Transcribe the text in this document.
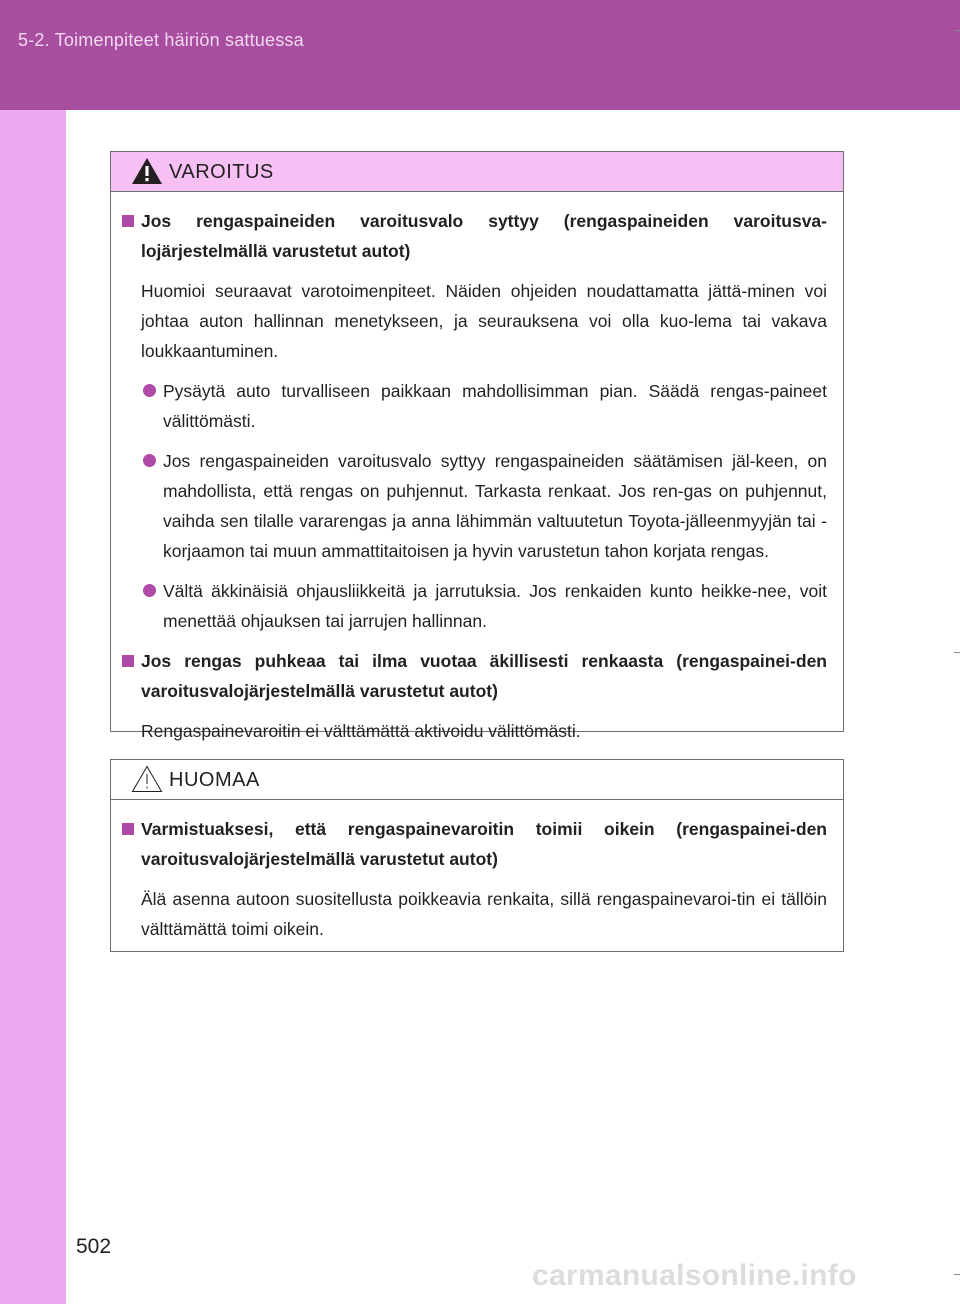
5-2. Toimenpiteet häiriön sattuessa
VAROITUS
Jos rengaspaineiden varoitusvalo syttyy (rengaspaineiden varoitusva-lojärjestelmällä varustetut autot)
Huomioi seuraavat varotoimenpiteet. Näiden ohjeiden noudattamatta jättä-minen voi johtaa auton hallinnan menetykseen, ja seurauksena voi olla kuo-lema tai vakava loukkaantuminen.
Pysäytä auto turvalliseen paikkaan mahdollisimman pian. Säädä rengas-paineet välittömästi.
Jos rengaspaineiden varoitusvalo syttyy rengaspaineiden säätämisen jäl-keen, on mahdollista, että rengas on puhjennut. Tarkasta renkaat. Jos ren-gas on puhjennut, vaihda sen tilalle vararengas ja anna lähimmän valtuutetun Toyota-jälleenmyyjän tai -korjaamon tai muun ammattitaitoisen ja hyvin varustetun tahon korjata rengas.
Vältä äkkinäisiä ohjausliikkeitä ja jarrutuksia. Jos renkaiden kunto heikke-nee, voit menettää ohjauksen tai jarrujen hallinnan.
Jos rengas puhkeaa tai ilma vuotaa äkillisesti renkaasta (rengaspainei-den varoitusvalojärjestelmällä varustetut autot)
Rengaspainevaroitin ei välttämättä aktivoidu välittömästi.
HUOMAA
Varmistuaksesi, että rengaspainevaroitin toimii oikein (rengaspainei-den varoitusvalojärjestelmällä varustetut autot)
Älä asenna autoon suositellusta poikkeavia renkaita, sillä rengaspainevaroi-tin ei tällöin välttämättä toimi oikein.
502
carmanualsonline.info
